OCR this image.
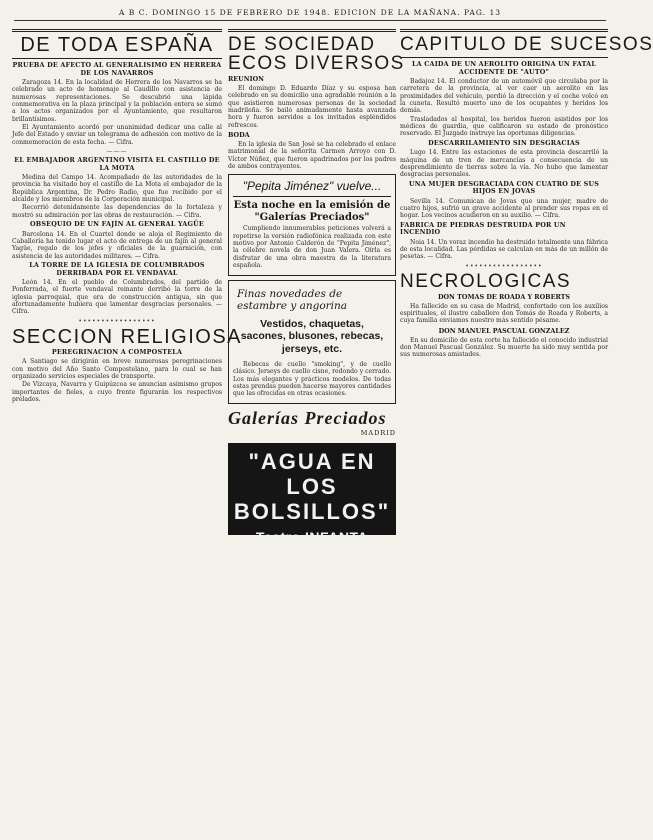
A B C. DOMINGO 15 DE FEBRERO DE 1948. EDICION DE LA MAÑANA. PAG. 13
DE TODA ESPAÑA
PRUEBA DE AFECTO AL GENERALISIMO EN HERRERA DE LOS NAVARROS

Zaragoza 14. En la localidad de Herrera de los Navarros se ha celebrado un acto de homenaje al Caudillo con asistencia de numerosas representaciones. Se descubrió una lápida conmemorativa en la plaza principal y la población entera se sumó a los actos organizados por el Ayuntamiento, que resultaron brillantísimos.

El Ayuntamiento acordó por unanimidad dedicar una calle al Jefe del Estado y enviar un telegrama de adhesión con motivo de la conmemoración de esta fecha. — Cifra.

———
EL EMBAJADOR ARGENTINO VISITA EL CASTILLO DE LA MOTA

Medina del Campo 14. Acompañado de las autoridades de la provincia ha visitado hoy el castillo de La Mota el embajador de la República Argentina, Dr. Pedro Radio, que fue recibido por el alcalde y los miembros de la Corporación municipal.

Recorrió detenidamente las dependencias de la fortaleza y mostró su admiración por las obras de restauración. — Cifra.

OBSEQUIO DE UN FAJÍN AL GENERAL YAGÜE

Barcelona 14. En el Cuartel donde se aloja el Regimiento de Caballería ha tenido lugar el acto de entrega de un fajín al general Yagüe, regalo de los jefes y oficiales de la guarnición, con asistencia de las autoridades militares. — Cifra.

LA TORRE DE LA IGLESIA DE COLUMBRADOS DERRIBADA POR EL VENDAVAL

León 14. En el pueblo de Columbrados, del partido de Ponferrada, el fuerte vendaval reinante derribó la torre de la iglesia parroquial, que era de construcción antigua, sin que afortunadamente hubiera que lamentar desgracias personales. — Cifra.

•••••••••••••••••
SECCION RELIGIOSA
PEREGRINACION A COMPOSTELA

A Santiago se dirigirán en breve numerosas peregrinaciones con motivo del Año Santo Compostelano, para lo cual se han organizado servicios especiales de transporte.

De Vizcaya, Navarra y Guipúzcoa se anuncian asimismo grupos importantes de fieles, a cuyo frente figurarán los respectivos prelados.

DE SOCIEDAD
ECOS DIVERSOS
REUNION

El domingo D. Eduardo Díaz y su esposa han celebrado en su domicilio una agradable reunión a la que asistieron numerosas personas de la sociedad madrileña. Se bailó animadamente hasta avanzada hora y fueron servidos a los invitados espléndidos refrescos.

BODA

En la iglesia de San José se ha celebrado el enlace matrimonial de la señorita Carmen Arroyo con D. Víctor Núñez, que fueron apadrinados por los padres de ambos contrayentes.

"Pepita Jiménez" vuelve...
Esta noche en la emisión de "Galerías Preciados"

Cumpliendo innumerables peticiones volverá a repetirse la versión radiofónica realizada con este motivo por Antonio Calderón de "Pepita Jiménez", la célebre novela de don Juan Valera. Oírla es disfrutar de una obra maestra de la literatura española.

Finas novedades de estambre y angorina
Vestidos, chaquetas, sacones, blusones, rebecas, jerseys, etc.

Rebecas de cuello "smoking", y de cuello clásico. Jerseys de cuello cisne, redondo y cerrado. Los más elegantes y prácticos modelos. De todas estas prendas pueden hacerse mayores cantidades que las ofrecidas en otras ocasiones.

Galerías Preciados
MADRID
"AGUA EN LOS
BOLSILLOS"
Teatro INFANTA ISABEL
CAPITULO DE SUCESOS
LA CAIDA DE UN AEROLITO ORIGINA UN FATAL ACCIDENTE DE "AUTO"

Badajoz 14. El conductor de un automóvil que circulaba por la carretera de la provincia, al ver caer un aerolito en las proximidades del vehículo, perdió la dirección y el coche volcó en la cuneta. Resultó muerto uno de los ocupantes y heridos los demás.

Trasladados al hospital, los heridos fueron asistidos por los médicos de guardia, que calificaron su estado de pronóstico reservado. El Juzgado instruye las oportunas diligencias.

DESCARRILAMIENTO SIN DESGRACIAS

Lugo 14. Entre las estaciones de esta provincia descarriló la máquina de un tren de mercancías a consecuencia de un desprendimiento de tierras sobre la vía. No hubo que lamentar desgracias personales.

UNA MUJER DESGRACIADA CON CUATRO DE SUS HIJOS EN JOVAS

Sevilla 14. Comunican de Jovas que una mujer, madre de cuatro hijos, sufrió un grave accidente al prender sus ropas en el hogar. Los vecinos acudieron en su auxilio. — Cifra.

FABRICA DE PIEDRAS DESTRUIDA POR UN INCENDIO

Noia 14. Un voraz incendio ha destruido totalmente una fábrica de esta localidad. Las pérdidas se calculan en más de un millón de pesetas. — Cifra.

•••••••••••••••••
NECROLOGICAS
DON TOMAS DE ROADA Y ROBERTS

Ha fallecido en su casa de Madrid, confortado con los auxilios espirituales, el ilustre caballero don Tomás de Roada y Roberts, a cuya familia enviamos nuestro más sentido pésame.

DON MANUEL PASCUAL GONZALEZ

En su domicilio de esta corte ha fallecido el conocido industrial don Manuel Pascual González. Su muerte ha sido muy sentida por sus numerosas amistades.
